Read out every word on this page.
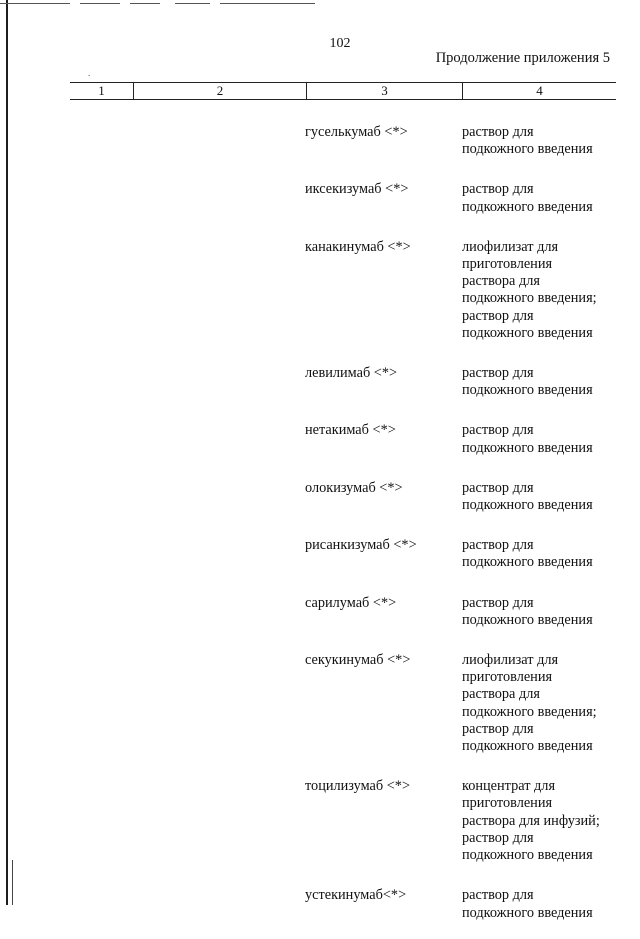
102
Продолжение приложения 5
.
1	2	3	4
гуселькумаб <*>	раствор для
подкожного введения
иксекизумаб <*>	раствор для
подкожного введения
канакинумаб <*>	лиофилизат для
приготовления
раствора для
подкожного введения;
раствор для
подкожного введения
левилимаб <*>	раствор для
подкожного введения
нетакимаб <*>	раствор для
подкожного введения
олокизумаб <*>	раствор для
подкожного введения
рисанкизумаб <*>	раствор для
подкожного введения
сарилумаб <*>	раствор для
подкожного введения
секукинумаб <*>	лиофилизат для
приготовления
раствора для
подкожного введения;
раствор для
подкожного введения
тоцилизумаб <*>	концентрат для
приготовления
раствора для инфузий;
раствор для
подкожного введения
устекинумаб<*>	раствор для
подкожного введения
